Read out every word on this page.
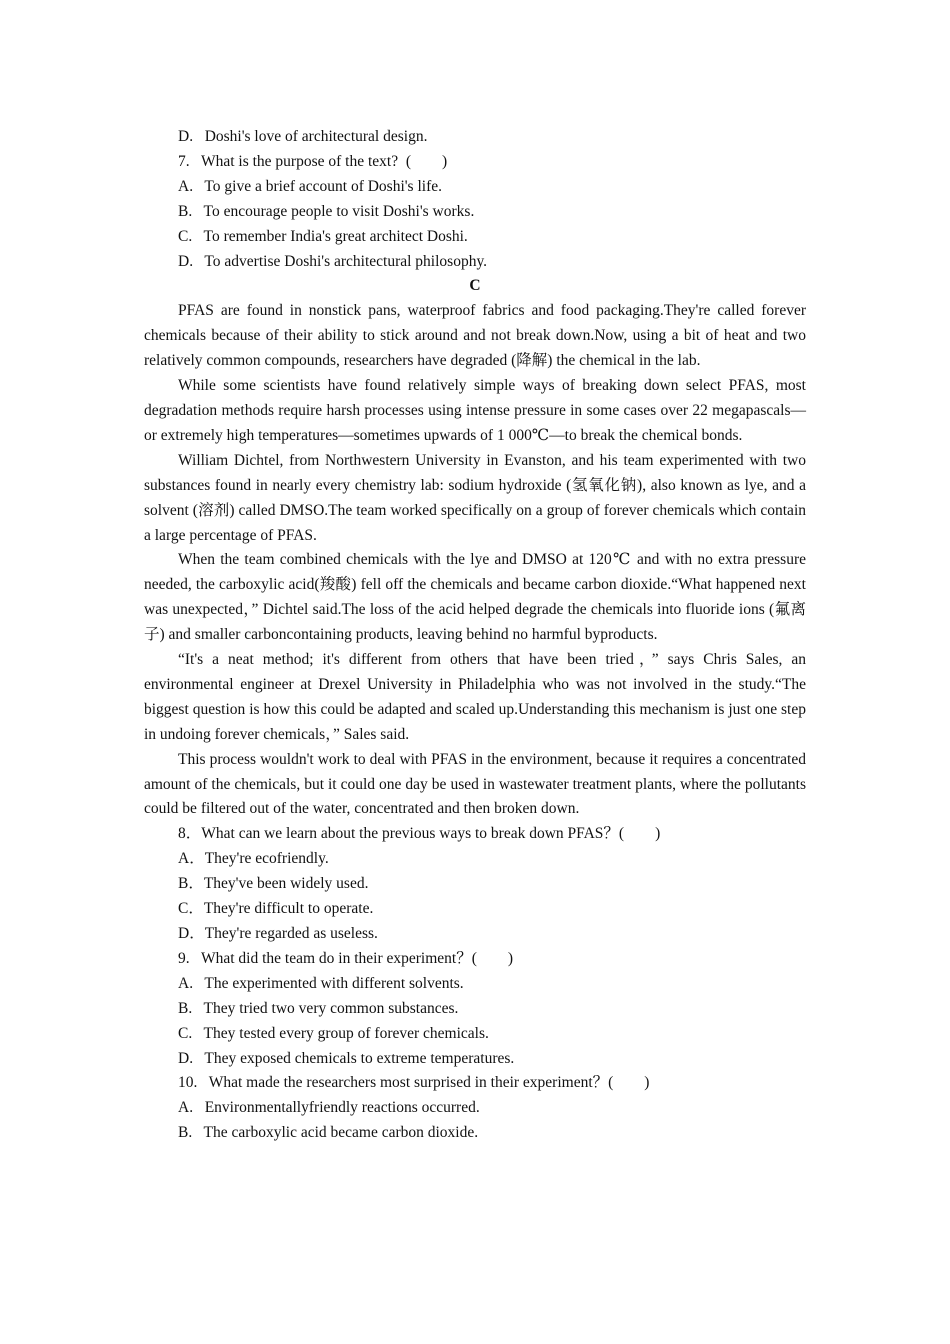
D.   Doshi's love of architectural design.

7.   What is the purpose of the text?  (        )

A.   To give a brief account of Doshi's life.

B.   To encourage people to visit Doshi's works.

C.   To remember India's great architect Doshi.

D.   To advertise Doshi's architectural philosophy.

C

PFAS are found in nonstick pans, waterproof fabrics and food packaging.They're called forever chemicals because of their ability to stick around and not break down.Now, using a bit of heat and two relatively common compounds, researchers have degraded (降解) the chemical in the lab.

While some scientists have found relatively simple ways of breaking down select PFAS, most degradation methods require harsh processes using intense pressure in some cases over 22 megapascals—or extremely high temperatures—sometimes upwards of 1 000℃—to break the chemical bonds.

William Dichtel, from Northwestern University in Evanston, and his team experimented with two substances found in nearly every chemistry lab: sodium hydroxide (氢氧化钠), also known as lye, and a solvent (溶剂) called DMSO.The team worked specifically on a group of forever chemicals which contain a large percentage of PFAS.

When the team combined chemicals with the lye and DMSO at 120℃ and with no extra pressure needed, the carboxylic acid(羧酸) fell off the chemicals and became carbon dioxide.“What happened next was unexpected，” Dichtel said.The loss of the acid helped degrade the chemicals into fluoride ions (氟离子) and smaller carboncontaining products, leaving behind no harmful byproducts.

“It's a neat method; it's different from others that have been tried，” says Chris Sales, an environmental engineer at Drexel University in Philadelphia who was not involved in the study.“The biggest question is how this could be adapted and scaled up.Understanding this mechanism is just one step in undoing forever chemicals，” Sales said.

This process wouldn't work to deal with PFAS in the environment, because it requires a concentrated amount of the chemicals, but it could one day be used in wastewater treatment plants, where the pollutants could be filtered out of the water, concentrated and then broken down.

8．What can we learn about the previous ways to break down PFAS？(        )

A．They're ecofriendly.

B．They've been widely used.

C．They're difficult to operate.

D．They're regarded as useless.

9.   What did the team do in their experiment？(        )

A.   The experimented with different solvents.

B.   They tried two very common substances.

C.   They tested every group of forever chemicals.

D.   They exposed chemicals to extreme temperatures.

10.   What made the researchers most surprised in their experiment？(        )

A.   Environmentallyfriendly reactions occurred.

B.   The carboxylic acid became carbon dioxide.
